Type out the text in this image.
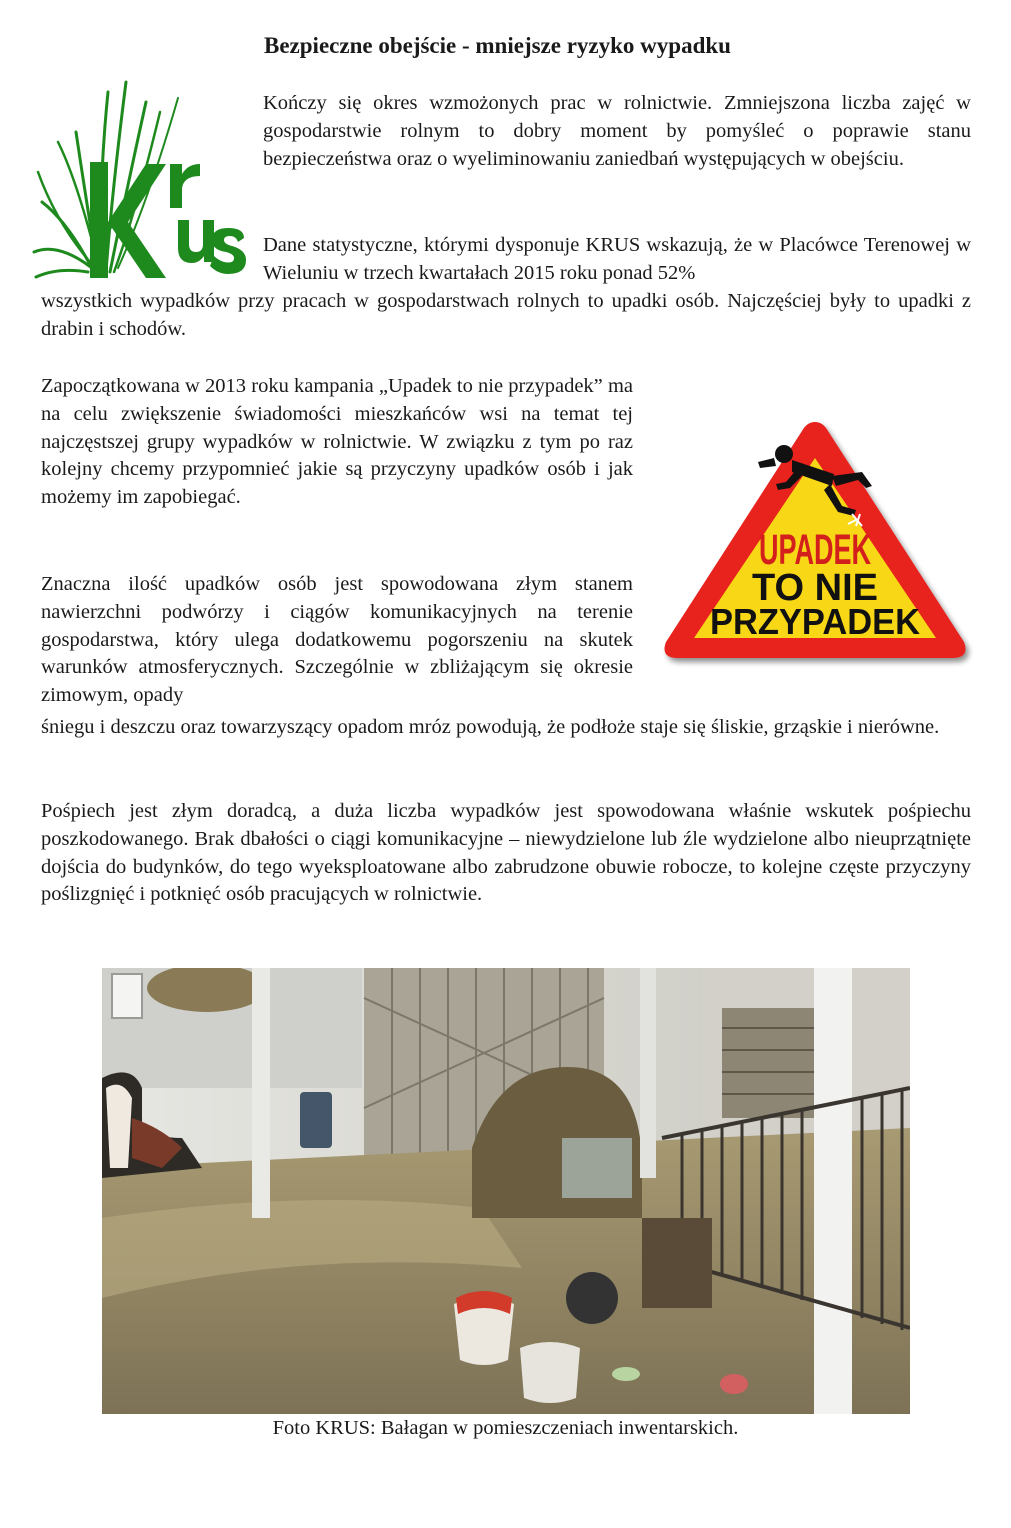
Bezpieczne obejście - mniejsze ryzyko wypadku

Kończy się okres wzmożonych prac w rolnictwie. Zmniejszona liczba zajęć w gospodarstwie rolnym to dobry moment by pomyśleć o poprawie stanu bezpieczeństwa oraz o wyeliminowaniu zaniedbań występujących w obejściu.

Dane statystyczne, którymi dysponuje KRUS wskazują, że w Placówce Terenowej w Wieluniu w trzech kwartałach 2015 roku ponad 52%

wszystkich wypadków przy pracach w gospodarstwach rolnych to upadki osób. Najczęściej były to upadki z drabin i schodów.

Zapoczątkowana w 2013 roku kampania „Upadek to nie przypadek” ma na celu zwiększenie świadomości mieszkańców wsi na temat tej najczęstszej grupy wypadków w rolnictwie. W związku z tym po raz kolejny chcemy przypomnieć jakie są przyczyny upadków osób i jak możemy im zapobiegać.

Znaczna ilość upadków osób jest spowodowana złym stanem nawierzchni podwórzy i ciągów komunikacyjnych na terenie gospodarstwa, który ulega dodatkowemu pogorszeniu na skutek warunków atmosferycznych. Szczególnie w zbliżającym się okresie zimowym, opady

śniegu i deszczu oraz towarzyszący opadom mróz powodują, że podłoże staje się śliskie, grząskie i nierówne.

Pośpiech jest złym doradcą, a duża liczba wypadków jest spowodowana właśnie wskutek pośpiechu poszkodowanego. Brak dbałości o ciągi komunikacyjne – niewydzielone lub źle wydzielone albo nieuprzątnięte dojścia do budynków, do tego wyeksploatowane albo zabrudzone obuwie robocze, to kolejne częste przyczyny poślizgnięć i potknięć osób pracujących w rolnictwie.

UPADEK
TO NIE
PRZYPADEK
Foto KRUS: Bałagan w pomieszczeniach inwentarskich.
